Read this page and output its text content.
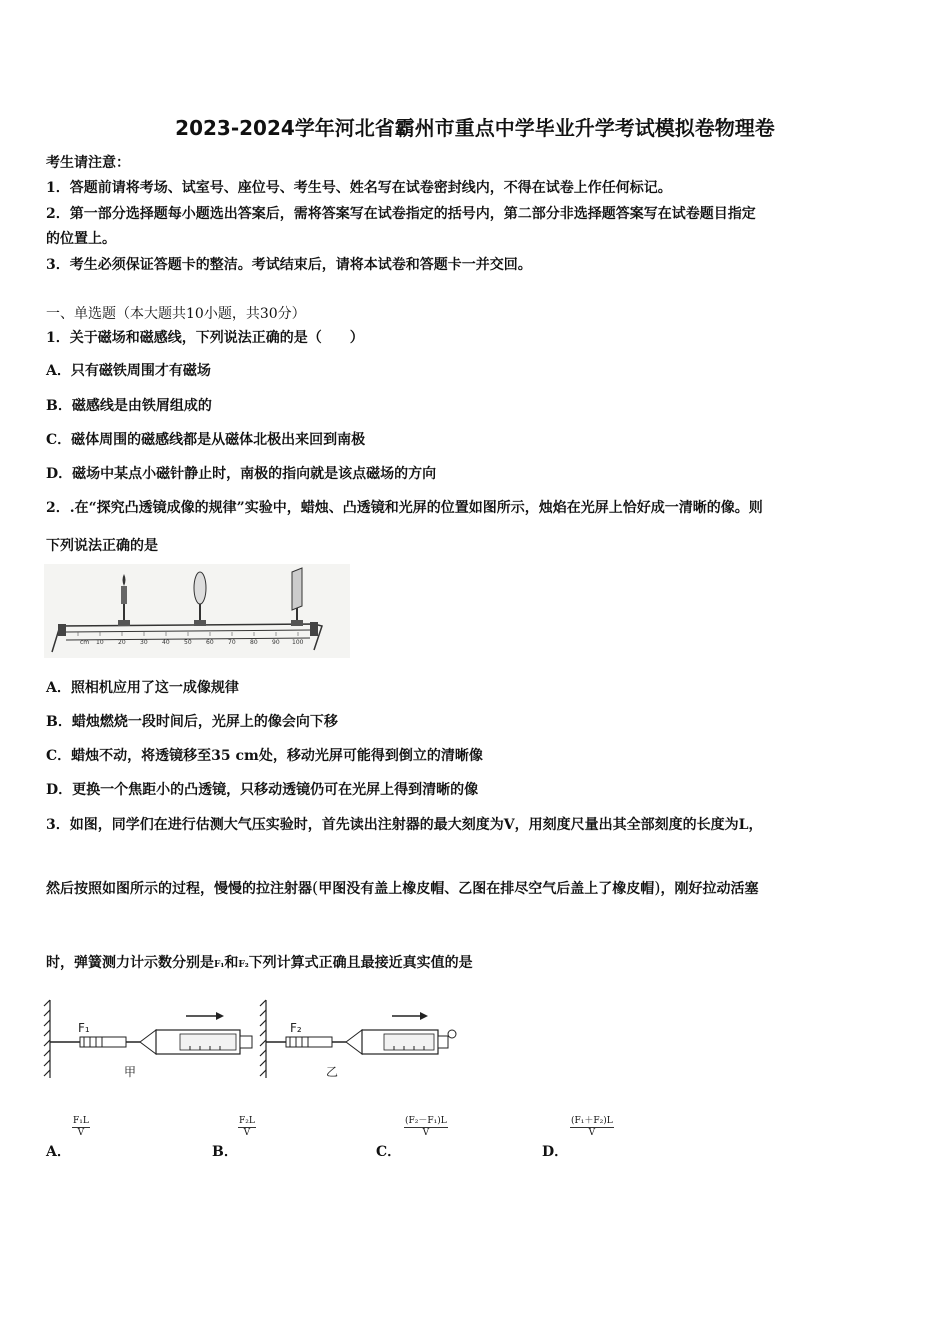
2023-2024学年河北省霸州市重点中学毕业升学考试模拟卷物理卷
考生请注意：
1．答题前请将考场、试室号、座位号、考生号、姓名写在试卷密封线内，不得在试卷上作任何标记。
2．第一部分选择题每小题选出答案后，需将答案写在试卷指定的括号内，第二部分非选择题答案写在试卷题目指定
的位置上。
3．考生必须保证答题卡的整洁。考试结束后，请将本试卷和答题卡一并交回。
一、单选题（本大题共10小题，共30分）
1．关于磁场和磁感线，下列说法正确的是（　　）
A．只有磁铁周围才有磁场
B．磁感线是由铁屑组成的
C．磁体周围的磁感线都是从磁体北极出来回到南极
D．磁场中某点小磁针静止时，南极的指向就是该点磁场的方向
2．.在“探究凸透镜成像的规律”实验中，蜡烛、凸透镜和光屏的位置如图所示，烛焰在光屏上恰好成一清晰的像。则
下列说法正确的是
cm 10 20 30 40 50 60 70 80 90 100
A．照相机应用了这一成像规律
B．蜡烛燃烧一段时间后，光屏上的像会向下移
C．蜡烛不动，将透镜移至35 cm处，移动光屏可能得到倒立的清晰像
D．更换一个焦距小的凸透镜，只移动透镜仍可在光屏上得到清晰的像
3．如图，同学们在进行估测大气压实验时，首先读出注射器的最大刻度为V，用刻度尺量出其全部刻度的长度为L，
然后按照如图所示的过程，慢慢的拉注射器(甲图没有盖上橡皮帽、乙图在排尽空气后盖上了橡皮帽)，刚好拉动活塞
时，弹簧测力计示数分别是F₁和F₂下列计算式正确且最接近真实值的是
F₁
甲
F₂
乙
A．
$\frac{\text{F₁L}}{V}$
B．
$\frac{\text{F₂L}}{V}$
C．
$\frac{\text{(F₂－F₁)L}}{V}$
D．
$\frac{\text{(F₁＋F₂)L}}{V}$
